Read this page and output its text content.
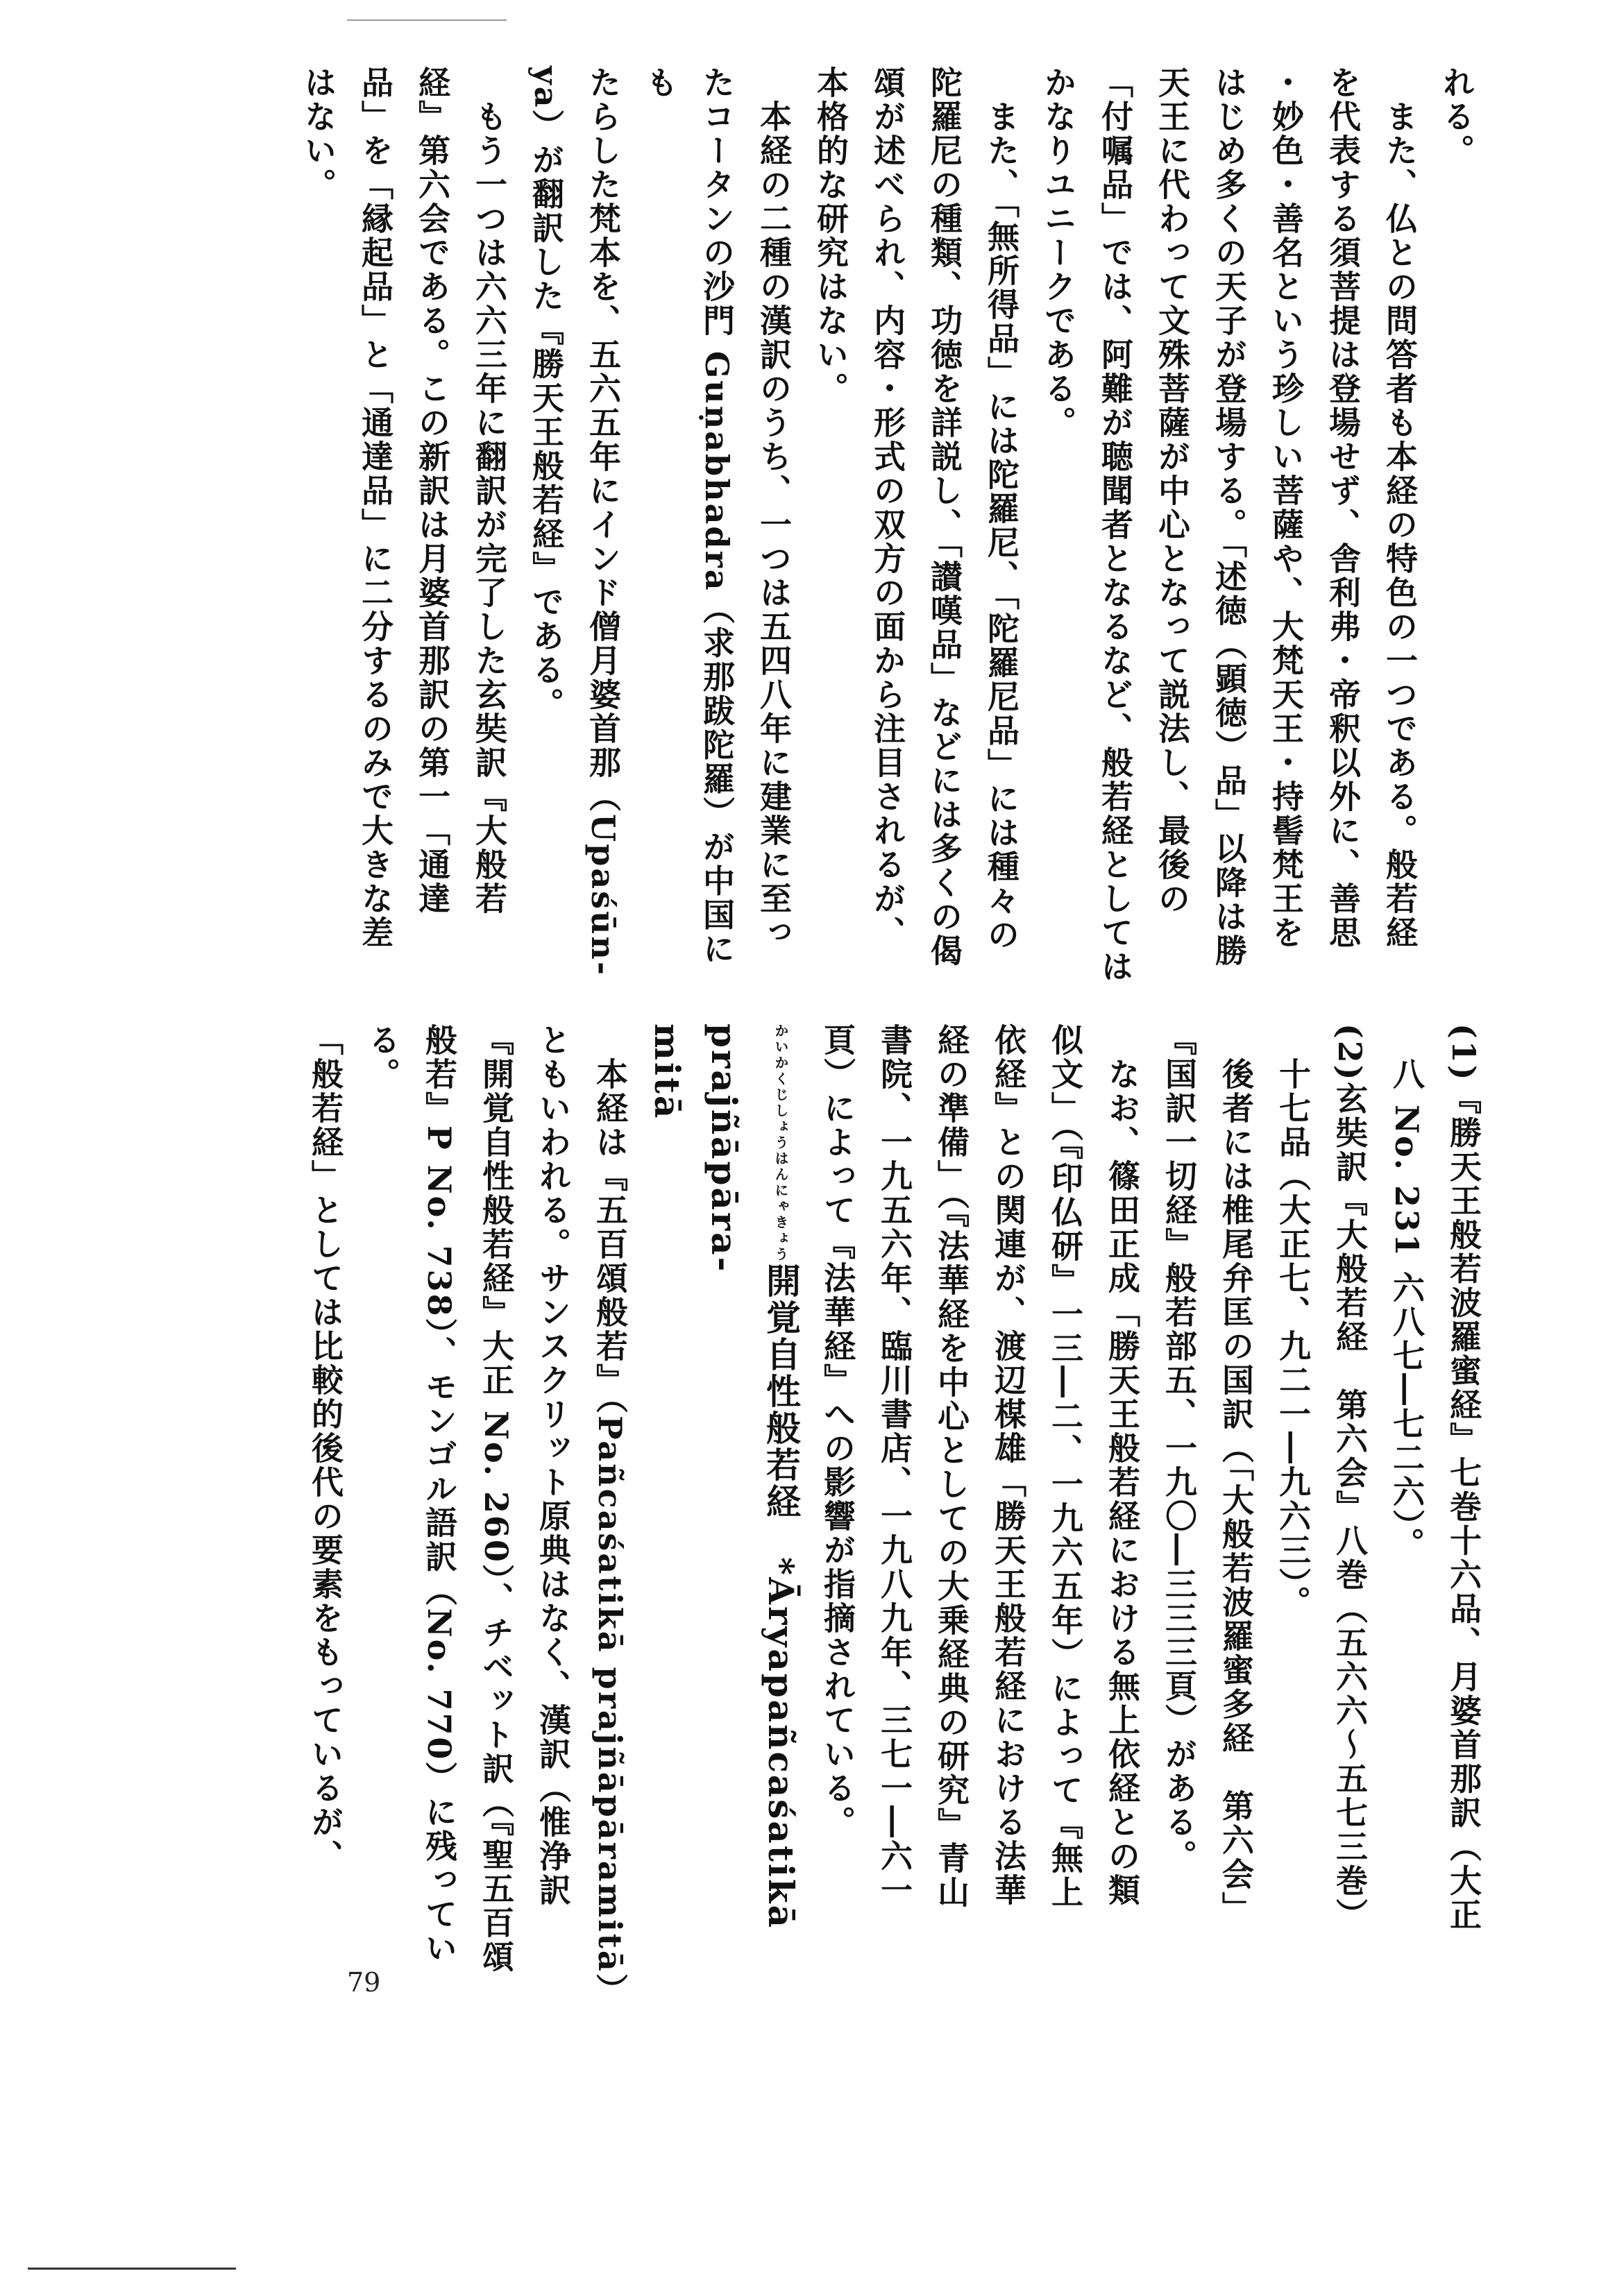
れる。

　また、仏との問答者も本経の特色の一つである。般若経

を代表する須菩提は登場せず、舎利弗・帝釈以外に、善思

・妙色・善名という珍しい菩薩や、大梵天王・持髻梵王を

はじめ多くの天子が登場する。「述徳（顕徳）品」以降は勝

天王に代わって文殊菩薩が中心となって説法し、最後の

「付嘱品」では、阿難が聴聞者となるなど、般若経としては

かなりユニークである。

　また、「無所得品」には陀羅尼、「陀羅尼品」には種々の

陀羅尼の種類、功徳を詳説し、「讃嘆品」などには多くの偈

頌が述べられ、内容・形式の双方の面から注目されるが、

本格的な研究はない。

　本経の二種の漢訳のうち、一つは五四八年に建業に至っ

たコータンの沙門 Guṇabhadra（求那跋陀羅）が中国にも

たらした梵本を、五六五年にインド僧月婆首那（Upaśūn-

ya）が翻訳した『勝天王般若経』である。

　もう一つは六六三年に翻訳が完了した玄奘訳『大般若

経』第六会である。この新訳は月婆首那訳の第一「通達

品」を「縁起品」と「通達品」に二分するのみで大きな差

はない。

(1)『勝天王般若波羅蜜経』七巻十六品、月婆首那訳（大正

　八 No. 231 六八七―七二六）。

(2)玄奘訳『大般若経　第六会』八巻（五六六〜五七三巻）

　十七品（大正七、九二一―九六三）。

　後者には椎尾弁匡の国訳（「大般若波羅蜜多経　第六会」

『国訳一切経』般若部五、一九〇―三三三頁）がある。

　なお、篠田正成「勝天王般若経における無上依経との類

似文」（『印仏研』一三―二、一九六五年）によって『無上

依経』との関連が、渡辺楳雄「勝天王般若経における法華

経の準備」（『法華経を中心としての大乗経典の研究』青山

書院、一九五六年、臨川書店、一九八九年、三七一―六一

頁）によって『法華経』への影響が指摘されている。

かいかくじしょうはんにゃきょう開覚自性般若経　*Āryapañcaśatikā prajñāpāra-

mitā

　本経は『五百頌般若』（Pañcaśatikā prajñāpāramitā）

ともいわれる。サンスクリット原典はなく、漢訳（惟浄訳

『開覚自性般若経』大正 No. 260）、チベット訳（『聖五百頌

般若』P No. 738）、モンゴル語訳（No. 770）に残っている。

「般若経」としては比較的後代の要素をもっているが、

79
